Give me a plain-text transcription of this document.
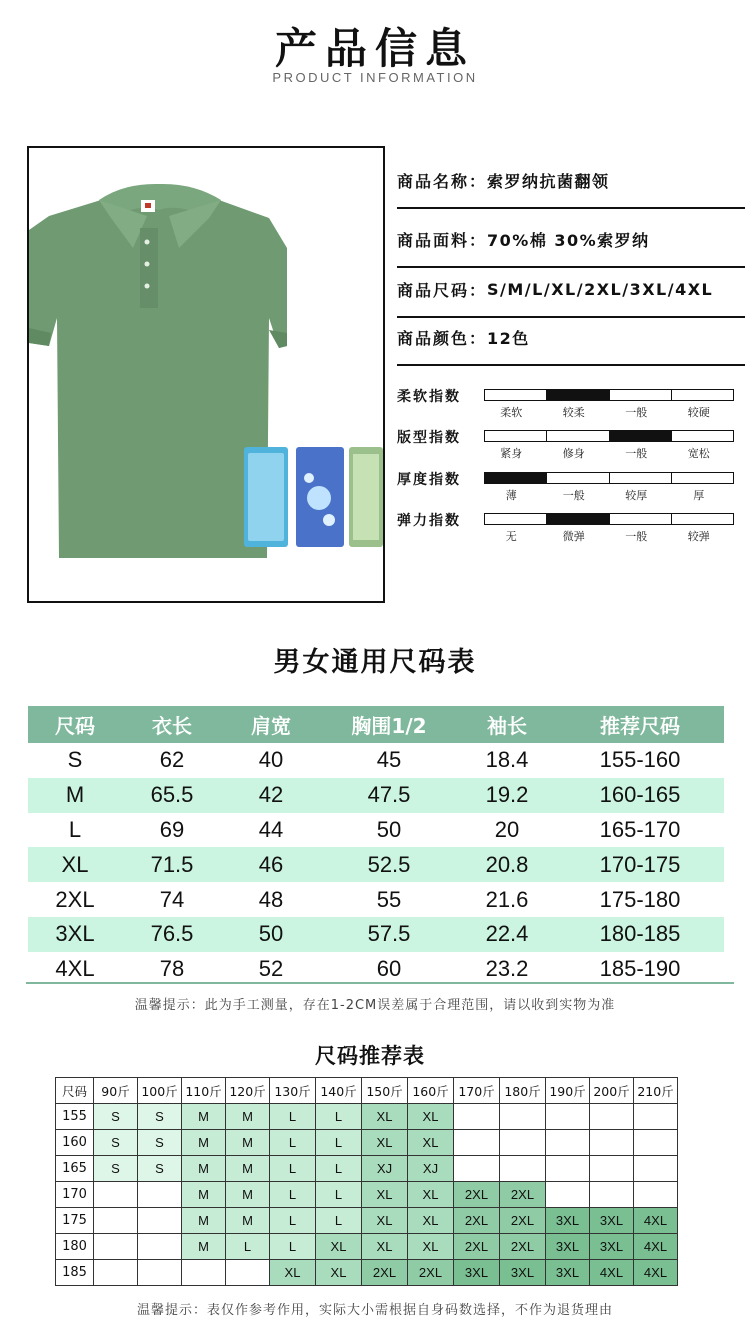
产品信息
PRODUCT INFORMATION
商品名称： 索罗纳抗菌翻领
商品面料： 70%棉 30%索罗纳
商品尺码： S/M/L/XL/2XL/3XL/4XL
商品颜色： 12色
柔软指数
柔软	较柔	一般	较硬
版型指数
紧身	修身	一般	宽松
厚度指数
薄	一般	较厚	厚
弹力指数
无	微弹	一般	较弹
男女通用尺码表
尺码	衣长	肩宽	胸围1/2	袖长	推荐尺码
S	62	40	45	18.4	155-160
M	65.5	42	47.5	19.2	160-165
L	69	44	50	20	165-170
XL	71.5	46	52.5	20.8	170-175
2XL	74	48	55	21.6	175-180
3XL	76.5	50	57.5	22.4	180-185
4XL	78	52	60	23.2	185-190
温馨提示：此为手工测量，存在1-2CM误差属于合理范围，请以收到实物为准
尺码推荐表
尺码	90斤	100斤	110斤	120斤	130斤	140斤	150斤	160斤	170斤	180斤	190斤	200斤	210斤
155	S	S	M	M	L	L	XL	XL					
160	S	S	M	M	L	L	XL	XL					
165	S	S	M	M	L	L	XJ	XJ					
170			M	M	L	L	XL	XL	2XL	2XL			
175			M	M	L	L	XL	XL	2XL	2XL	3XL	3XL	4XL
180			M	L	L	XL	XL	XL	2XL	2XL	3XL	3XL	4XL
185					XL	XL	2XL	2XL	3XL	3XL	3XL	4XL	4XL
温馨提示：表仅作参考作用，实际大小需根据自身码数选择，不作为退货理由
